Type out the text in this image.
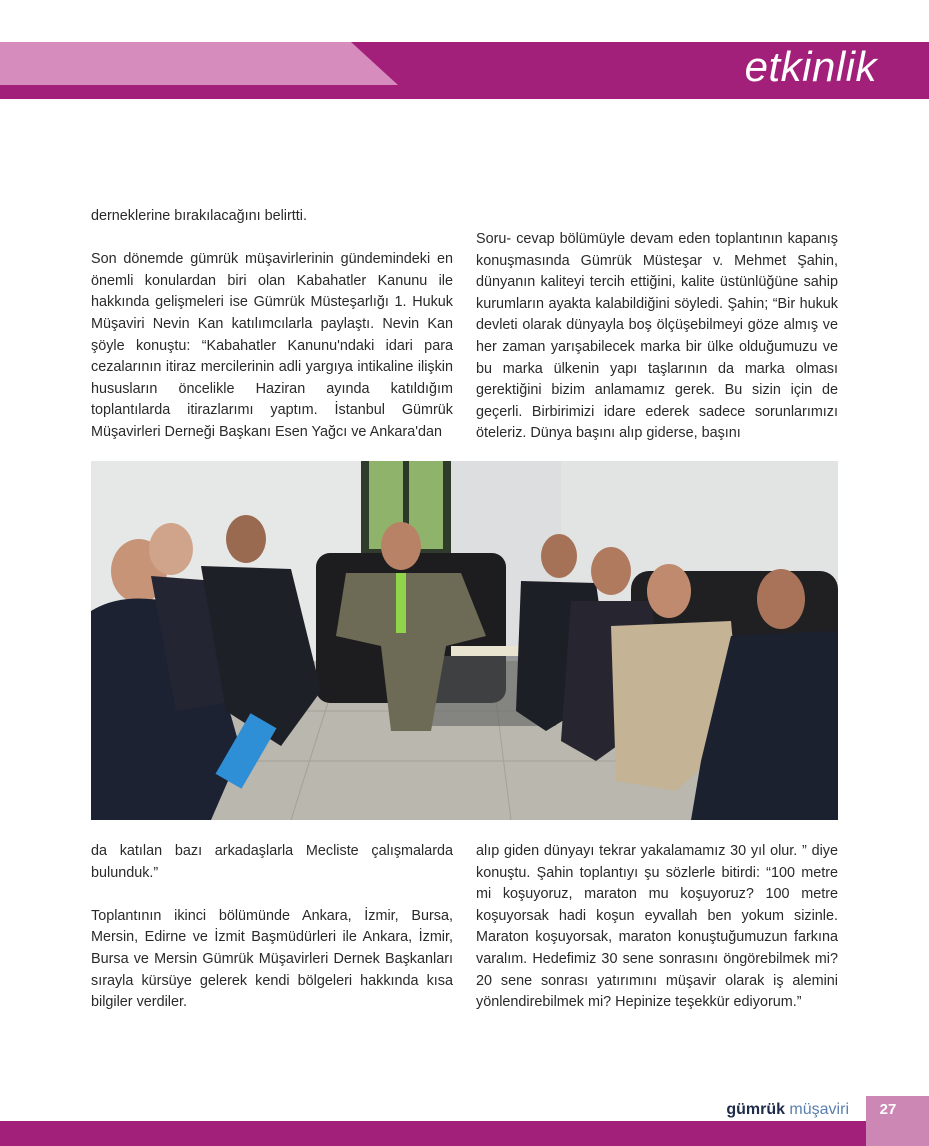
etkinlik

derneklerine bırakılacağını belirtti.

Son dönemde gümrük müşavirlerinin gündemindeki en önemli konulardan biri olan Kabahatler Kanunu ile hakkında gelişmeleri ise Gümrük Müsteşarlığı 1. Hukuk Müşaviri Nevin Kan katılımcılarla paylaştı. Nevin Kan şöyle konuştu: “Kabahatler Kanunu'ndaki idari para cezalarının itiraz mercilerinin adli yargıya intikaline ilişkin hususların öncelikle Haziran ayında katıldığım toplantılarda itirazlarımı yaptım. İstanbul Gümrük Müşavirleri Derneği Başkanı Esen Yağcı ve Ankara'dan

Soru- cevap bölümüyle devam eden toplantının kapanış konuşmasında Gümrük Müsteşar v. Mehmet Şahin, dünyanın kaliteyi tercih ettiğini, kalite üstünlüğüne sahip kurumların ayakta kalabildiğini söyledi. Şahin; “Bir hukuk devleti olarak dünyayla boş ölçüşebilmeyi göze almış ve her zaman yarışabilecek marka bir ülke olduğumuzu ve bu marka ülkenin yapı taşlarının da marka olması gerektiğini bizim anlamamız gerek. Bu sizin için de geçerli. Birbirimizi idare ederek sadece sorunlarımızı öteleriz. Dünya başını alıp giderse, başını

da katılan bazı arkadaşlarla Mecliste çalışmalarda bulunduk.”

Toplantının ikinci bölümünde Ankara, İzmir, Bursa, Mersin, Edirne ve İzmit Başmüdürleri ile Ankara, İzmir, Bursa ve Mersin Gümrük Müşavirleri Dernek Başkanları sırayla kürsüye gelerek kendi bölgeleri hakkında kısa bilgiler verdiler.

alıp giden dünyayı tekrar yakalamamız 30 yıl olur. ” diye konuştu. Şahin toplantıyı şu sözlerle bitirdi: “100 metre mi koşuyoruz, maraton mu koşuyoruz? 100 metre koşuyorsak hadi koşun eyvallah ben yokum sizinle. Maraton koşuyorsak, maraton konuştuğumuzun farkına varalım. Hedefimiz 30 sene sonrasını öngörebilmek mi? 20 sene sonrası yatırımını müşavir olarak iş alemini yönlendirebilmek mi? Hepinize teşekkür ediyorum.”

gümrük müşaviri	27
